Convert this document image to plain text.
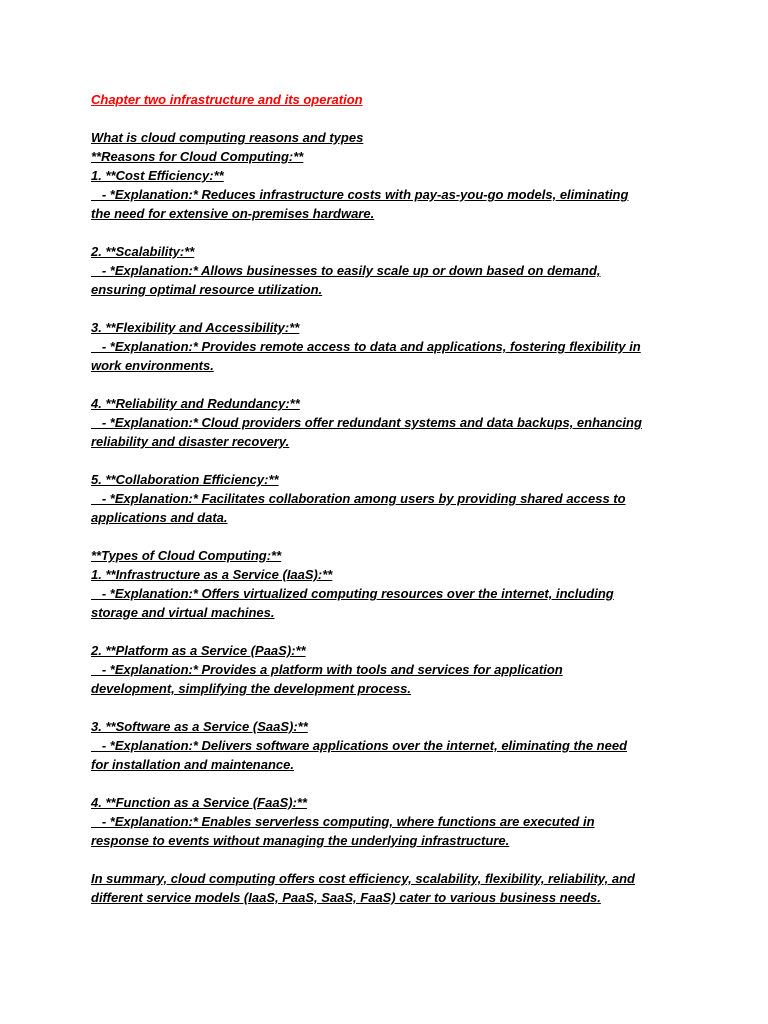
Chapter two infrastructure and its operation
What is cloud computing reasons and types
**Reasons for Cloud Computing:**
1. **Cost Efficiency:**
- *Explanation:* Reduces infrastructure costs with pay-as-you-go models, eliminating
the need for extensive on-premises hardware.
2. **Scalability:**
- *Explanation:* Allows businesses to easily scale up or down based on demand,
ensuring optimal resource utilization.
3. **Flexibility and Accessibility:**
- *Explanation:* Provides remote access to data and applications, fostering flexibility in
work environments.
4. **Reliability and Redundancy:**
- *Explanation:* Cloud providers offer redundant systems and data backups, enhancing
reliability and disaster recovery.
5. **Collaboration Efficiency:**
- *Explanation:* Facilitates collaboration among users by providing shared access to
applications and data.
**Types of Cloud Computing:**
1. **Infrastructure as a Service (IaaS):**
- *Explanation:* Offers virtualized computing resources over the internet, including
storage and virtual machines.
2. **Platform as a Service (PaaS):**
- *Explanation:* Provides a platform with tools and services for application
development, simplifying the development process.
3. **Software as a Service (SaaS):**
- *Explanation:* Delivers software applications over the internet, eliminating the need
for installation and maintenance.
4. **Function as a Service (FaaS):**
- *Explanation:* Enables serverless computing, where functions are executed in
response to events without managing the underlying infrastructure.
In summary, cloud computing offers cost efficiency, scalability, flexibility, reliability, and
different service models (IaaS, PaaS, SaaS, FaaS) cater to various business needs.
